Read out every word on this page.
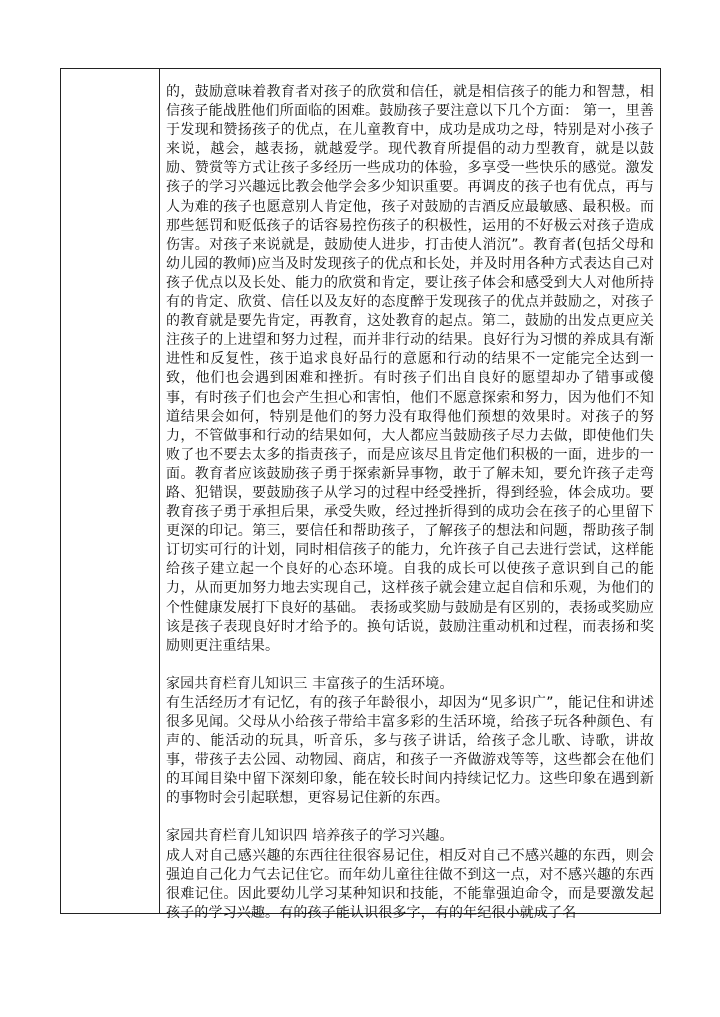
的，鼓励意味着教育者对孩子的欣赏和信任，就是相信孩子的能力和智慧，相信孩子能战胜他们所面临的困难。鼓励孩子要注意以下几个方面： 第一，里善于发现和赞扬孩子的优点，在儿童教育中，成功是成功之母，特别是对小孩子来说，越会，越表扬，就越爱学。现代教育所提倡的动力型教育，就是以鼓励、赞赏等方式让孩子多经历一些成功的体验，多享受一些快乐的感觉。激发孩子的学习兴趣远比教会他学会多少知识重要。再调皮的孩子也有优点，再与人为难的孩子也愿意别人肯定他，孩子对鼓励的吉酒反应最敏感、最积极。而那些惩罚和贬低孩子的话容易控伤孩子的积极性，运用的不好极云对孩子造成伤害。对孩子来说就是，鼓励使人进步，打击使人消沉”。教育者(包括父母和幼儿园的教师)应当及时发现孩子的优点和长处，并及时用各种方式表达自己对孩子优点以及长处、能力的欣赏和肯定，要让孩子体会和感受到大人对他所持有的肯定、欣赏、信任以及友好的态度醉于发现孩子的优点并鼓励之，对孩子的教育就是要先肯定，再教育，这处教育的起点。第二，鼓励的出发点更应关注孩子的上进望和努力过程，而并非行动的结果。良好行为习惯的养成具有渐进性和反复性，孩于追求良好品行的意愿和行动的结果不一定能完全达到一致，他们也会遇到困难和挫折。有时孩子们出自良好的愿望却办了错事或傻事，有时孩子们也会产生担心和害怕，他们不愿意探索和努力，因为他们不知道结果会如何，特别是他们的努力没有取得他们预想的效果时。对孩子的努力，不管做事和行动的结果如何，大人都应当鼓励孩子尽力去做，即使他们失败了也不要去太多的指责孩子，而是应该尽且肯定他们积极的一面，进步的一面。教育者应该鼓励孩子勇于探索新异事物，敢于了解未知，要允许孩子走弯路、犯错误，要鼓励孩子从学习的过程中经受挫折，得到经验，体会成功。要教育孩子勇于承担后果，承受失败，经过挫折得到的成功会在孩子的心里留下更深的印记。第三，要信任和帮助孩子，了解孩子的想法和问题，帮助孩子制订切实可行的计划，同时相信孩子的能力，允许孩子自己去进行尝试，这样能给孩子建立起一个良好的心态环境。自我的成长可以使孩子意识到自己的能力，从而更加努力地去实现自己，这样孩子就会建立起自信和乐观，为他们的个性健康发展打下良好的基础。 表扬或奖励与鼓励是有区别的，表扬或奖励应该是孩子表现良好时才给予的。换句话说，鼓励注重动机和过程，而表扬和奖励则更注重结果。

家园共育栏育儿知识三 丰富孩子的生活环境。

有生活经历才有记忆，有的孩子年龄很小，却因为“见多识广”，能记住和讲述很多见闻。父母从小给孩子带给丰富多彩的生活环境，给孩子玩各种颜色、有声的、能活动的玩具，听音乐，多与孩子讲话，给孩子念儿歌、诗歌，讲故事，带孩子去公园、动物园、商店，和孩子一齐做游戏等等，这些都会在他们的耳闻目染中留下深刻印象，能在较长时间内持续记忆力。这些印象在遇到新的事物时会引起联想，更容易记住新的东西。

家园共育栏育儿知识四 培养孩子的学习兴趣。

成人对自己感兴趣的东西往往很容易记住，相反对自己不感兴趣的东西，则会强迫自己化力气去记住它。而年幼儿童往往做不到这一点，对不感兴趣的东西很难记住。因此要幼儿学习某种知识和技能，不能靠强迫命令，而是要激发起孩子的学习兴趣。有的孩子能认识很多字，有的年纪很小就成了名
